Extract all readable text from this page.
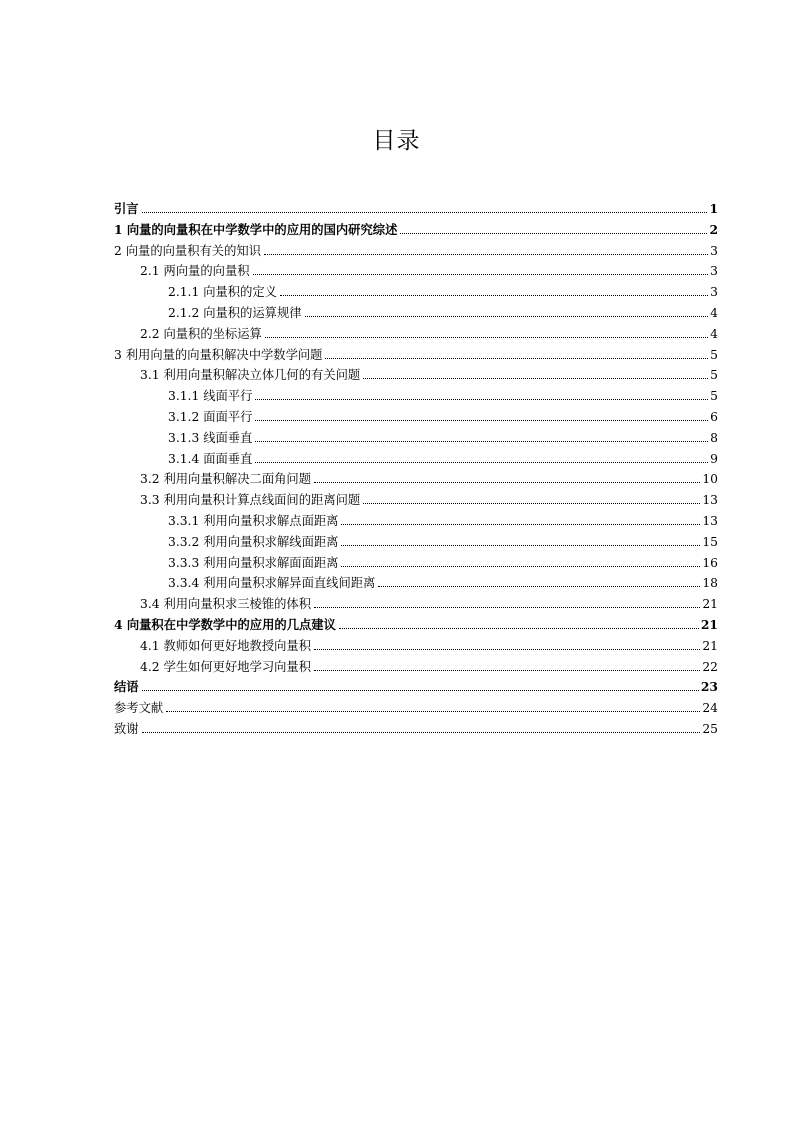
目录
引言	1
1 向量的向量积在中学数学中的应用的国内研究综述	2
2 向量的向量积有关的知识	3
2.1 两向量的向量积	3
2.1.1 向量积的定义	3
2.1.2 向量积的运算规律	4
2.2 向量积的坐标运算	4
3 利用向量的向量积解决中学数学问题	5
3.1 利用向量积解决立体几何的有关问题	5
3.1.1 线面平行	5
3.1.2 面面平行	6
3.1.3 线面垂直	8
3.1.4 面面垂直	9
3.2 利用向量积解决二面角问题	10
3.3 利用向量积计算点线面间的距离问题	13
3.3.1 利用向量积求解点面距离	13
3.3.2 利用向量积求解线面距离	15
3.3.3 利用向量积求解面面距离	16
3.3.4 利用向量积求解异面直线间距离	18
3.4 利用向量积求三棱锥的体积	21
4 向量积在中学数学中的应用的几点建议	21
4.1 教师如何更好地教授向量积	21
4.2 学生如何更好地学习向量积	22
结语	23
参考文献	24
致谢	25
